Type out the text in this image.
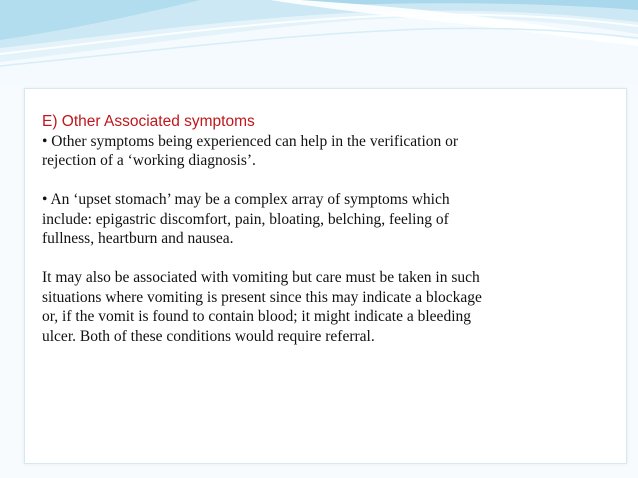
E) Other Associated symptoms
• Other symptoms being experienced can help in the verification or
rejection of a ‘working diagnosis’.
• An ‘upset stomach’ may be a complex array of symptoms which
include: epigastric discomfort, pain, bloating, belching, feeling of
fullness, heartburn and nausea.
It may also be associated with vomiting but care must be taken in such
situations where vomiting is present since this may indicate a blockage
or, if the vomit is found to contain blood; it might indicate a bleeding
ulcer. Both of these conditions would require referral.
